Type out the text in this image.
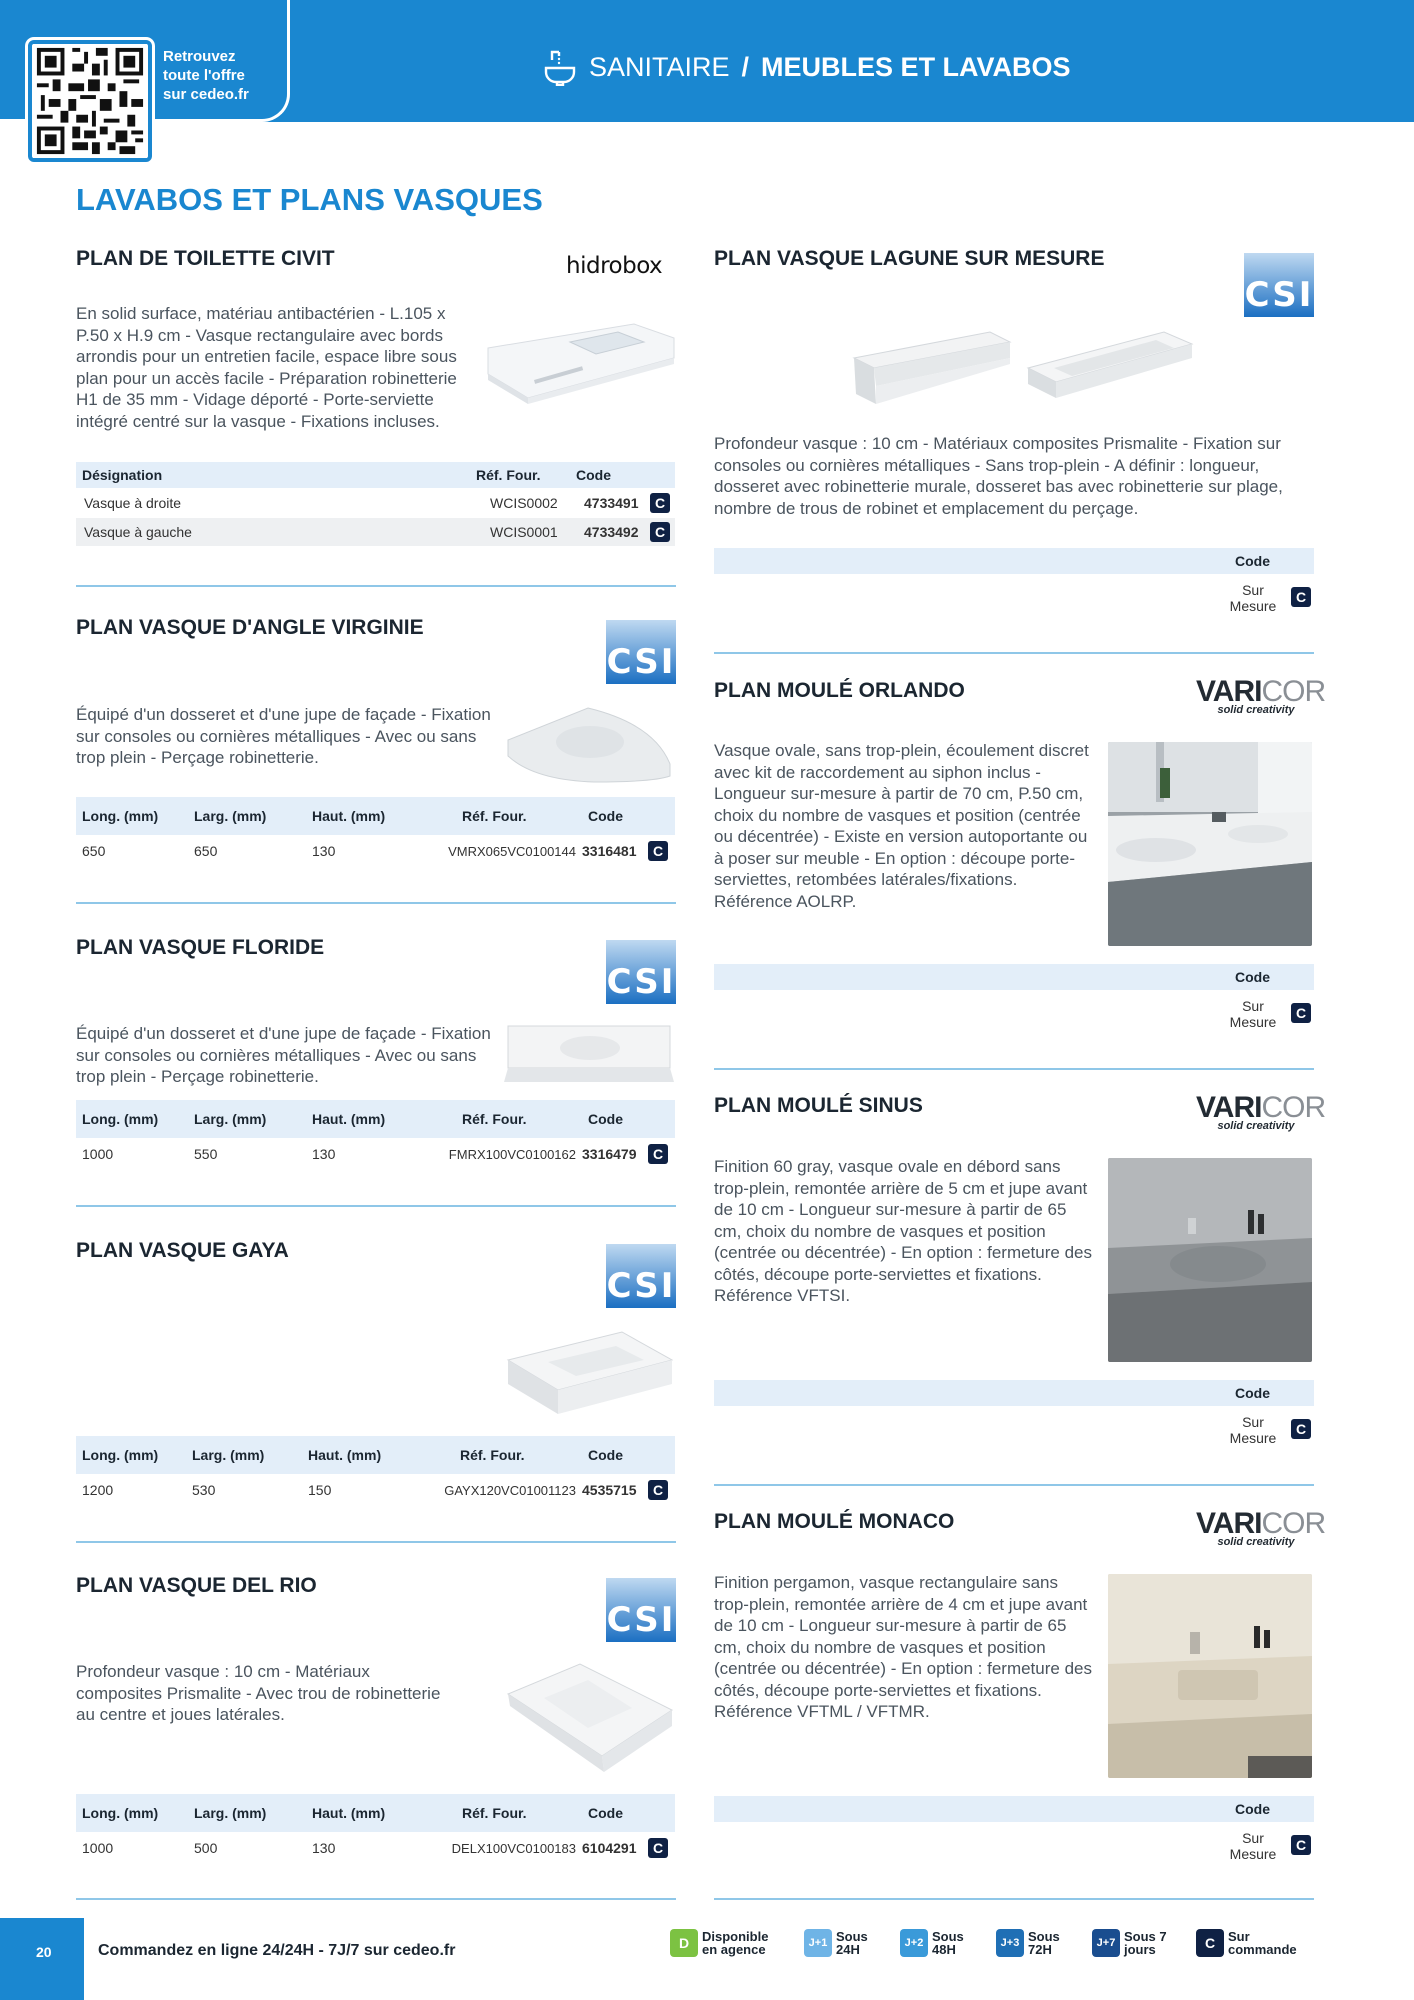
Retrouvez
toute l'offre
sur cedeo.fr
SANITAIRE / MEUBLES ET LAVABOS
LAVABOS ET PLANS VASQUES
PLAN DE TOILETTE CIVIT	hidrobox
En solid surface, matériau antibactérien - L.105 x P.50 x H.9 cm - Vasque rectangulaire avec bords arrondis pour un entretien facile, espace libre sous plan pour un accès facile - Préparation robinetterie H1 de 35 mm - Vidage déporté - Porte-serviette intégré centré sur la vasque - Fixations incluses.
Désignation	Réf. Four.	Code
Vasque à droite	WCIS0002	4733491	C
Vasque à gauche	WCIS0001	4733492	C
PLAN VASQUE D'ANGLE VIRGINIE
CSI
Équipé d'un dosseret et d'une jupe de façade - Fixation sur consoles ou cornières métalliques - Avec ou sans trop plein - Perçage robinetterie.
Long. (mm)	Larg. (mm)	Haut. (mm)	Réf. Four.	Code
650	650	130	VMRX065VC0100144 3316481	C
PLAN VASQUE FLORIDE
CSI
Équipé d'un dosseret et d'une jupe de façade - Fixation sur consoles ou cornières métalliques - Avec ou sans trop plein - Perçage robinetterie.
Long. (mm)	Larg. (mm)	Haut. (mm)	Réf. Four.	Code
1000	550	130	FMRX100VC0100162 3316479	C
PLAN VASQUE GAYA
CSI
Long. (mm)	Larg. (mm)	Haut. (mm)	Réf. Four.	Code
1200	530	150	GAYX120VC01001123 4535715	C
PLAN VASQUE DEL RIO
CSI
Profondeur vasque : 10 cm - Matériaux composites Prismalite - Avec trou de robinetterie au centre et joues latérales.
Long. (mm)	Larg. (mm)	Haut. (mm)	Réf. Four.	Code
1000	500	130	DELX100VC0100183 6104291	C
PLAN VASQUE LAGUNE SUR MESURE
CSI
Profondeur vasque : 10 cm - Matériaux composites Prismalite - Fixation sur consoles ou cornières métalliques - Sans trop-plein - A définir : longueur, dosseret avec robinetterie murale, dosseret bas avec robinetterie sur plage, nombre de trous de robinet et emplacement du perçage.
Code
Sur Mesure
C
PLAN MOULÉ ORLANDO	VARICOR
solid creativity
Vasque ovale, sans trop-plein, écoulement discret avec kit de raccordement au siphon inclus - Longueur sur-mesure à partir de 70 cm, P.50 cm, choix du nombre de vasques et position (centrée ou décentrée) - Existe en version autoportante ou à poser sur meuble - En option : découpe porte-serviettes, retombées latérales/fixations. Référence AOLRP.
Code
Sur Mesure
C
PLAN MOULÉ SINUS	VARICOR
solid creativity
Finition 60 gray, vasque ovale en débord sans trop-plein, remontée arrière de 5 cm et jupe avant de 10 cm - Longueur sur-mesure à partir de 65 cm, choix du nombre de vasques et position (centrée ou décentrée) - En option : fermeture des côtés, découpe porte-serviettes et fixations. Référence VFTSI.
Code
Sur Mesure
C
PLAN MOULÉ MONACO	VARICOR
solid creativity
Finition pergamon, vasque rectangulaire sans trop-plein, remontée arrière de 4 cm et jupe avant de 10 cm - Longueur sur-mesure à partir de 65 cm, choix du nombre de vasques et position (centrée ou décentrée) - En option : fermeture des côtés, découpe porte-serviettes et fixations. Référence VFTML / VFTMR.
Code
Sur Mesure
C
20	Commandez en ligne 24/24H - 7J/7 sur cedeo.fr	D Disponible en agence	J+1 Sous 24H	J+2 Sous 48H	J+3 Sous 72H	J+7 Sous 7 jours	C Sur commande
